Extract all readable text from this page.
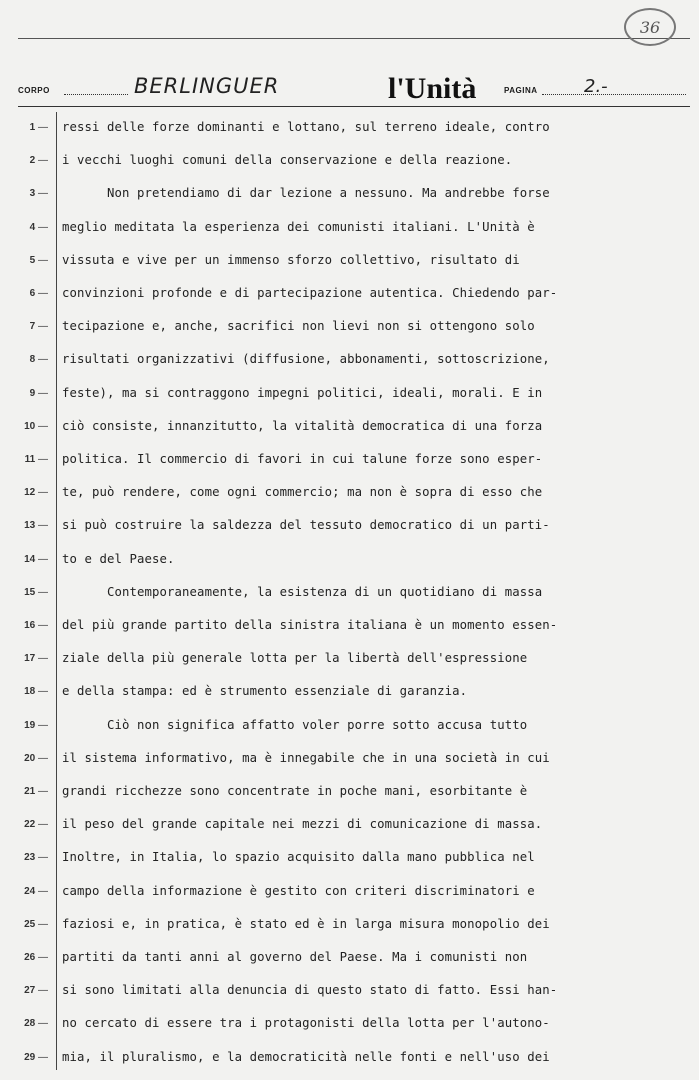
36
CORPO	BERLINGUER	l'Unità	PAGINA	2.-
1 —	ressi delle forze dominanti e lottano, sul terreno ideale, contro
2 —	i vecchi luoghi comuni della conservazione e della reazione.
3 —	Non pretendiamo di dar lezione a nessuno. Ma andrebbe forse
4 —	meglio meditata la esperienza dei comunisti italiani. L'Unità è
5 —	vissuta e vive per un immenso sforzo collettivo, risultato di
6 —	convinzioni profonde e di partecipazione autentica. Chiedendo par-
7 —	tecipazione e, anche, sacrifici non lievi non si ottengono solo
8 —	risultati organizzativi (diffusione, abbonamenti, sottoscrizione,
9 —	feste), ma si contraggono impegni politici, ideali, morali. E in
10 —	ciò consiste, innanzitutto, la vitalità democratica di una forza
11 —	politica. Il commercio di favori in cui talune forze sono esper-
12 —	te, può rendere, come ogni commercio; ma non è sopra di esso che
13 —	si può costruire la saldezza del tessuto democratico di un parti-
14 —	to e del Paese.
15 —	Contemporaneamente, la esistenza di un quotidiano di massa
16 —	del più grande partito della sinistra italiana è un momento essen-
17 —	ziale della più generale lotta per la libertà dell'espressione
18 —	e della stampa: ed è strumento essenziale di garanzia.
19 —	Ciò non significa affatto voler porre sotto accusa tutto
20 —	il sistema informativo, ma è innegabile che in una società in cui
21 —	grandi ricchezze sono concentrate in poche mani, esorbitante è
22 —	il peso del grande capitale nei mezzi di comunicazione di massa.
23 —	Inoltre, in Italia, lo spazio acquisito dalla mano pubblica nel
24 —	campo della informazione è gestito con criteri discriminatori e
25 —	faziosi e, in pratica, è stato ed è in larga misura monopolio dei
26 —	partiti da tanti anni al governo del Paese. Ma i comunisti non
27 —	si sono limitati alla denuncia di questo stato di fatto. Essi han-
28 —	no cercato di essere tra i protagonisti della lotta per l'autono-
29 —	mia, il pluralismo, e la democraticità nelle fonti e nell'uso dei
